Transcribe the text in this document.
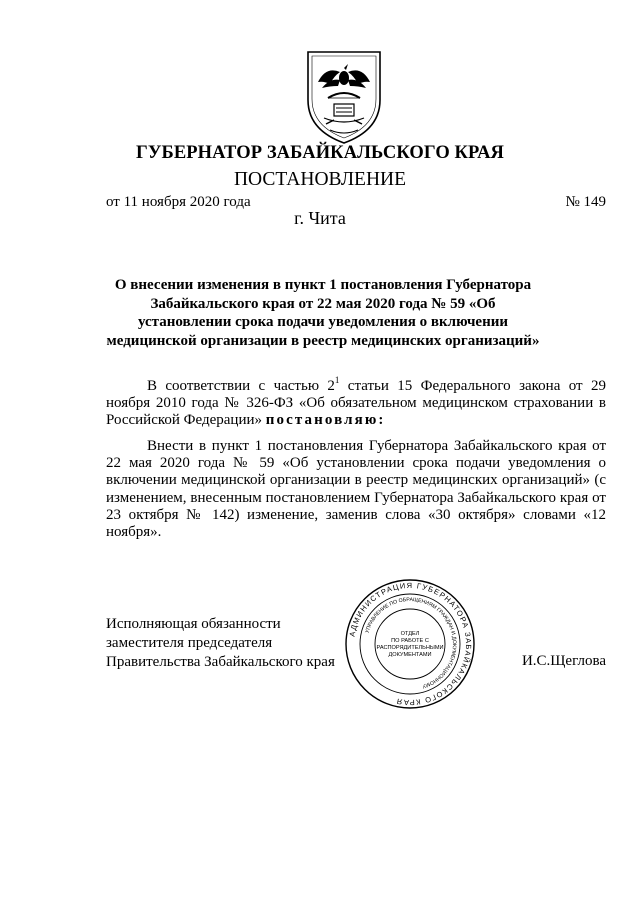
ГУБЕРНАТОР ЗАБАЙКАЛЬСКОГО КРАЯ
ПОСТАНОВЛЕНИЕ
от 11 ноября 2020 года	№ 149
г. Чита
О внесении изменения в пункт 1 постановления Губернатора Забайкальского края от 22 мая 2020 года № 59 «Об установлении срока подачи уведомления о включении медицинской организации в реестр медицинских организаций»

В соответствии с частью $2^1$ статьи 15 Федерального закона от 29 ноября 2010 года № 326-ФЗ «Об обязательном медицинском страховании в Российской Федерации» постановляю:

Внести в пункт 1 постановления Губернатора Забайкальского края от 22 мая 2020 года № 59 «Об установлении срока подачи уведомления о включении медицинской организации в реестр медицинских организаций» (с изменением, внесенным постановлением Губернатора Забайкальского края от 23 октября № 142) изменение, заменив слова «30 октября» словами «12 ноября».

Исполняющая обязанности
заместителя председателя
Правительства Забайкальского края	И.С.Щеглова
АДМИНИСТРАЦИЯ ГУБЕРНАТОРА ЗАБАЙКАЛЬСКОГО КРАЯ
УПРАВЛЕНИЕ ПО ОБРАЩЕНИЯМ ГРАЖДАН И ДОКУМЕНТАЦИОННОМУ
ОТДЕЛ
ПО РАБОТЕ С
РАСПОРЯДИТЕЛЬНЫМИ
ДОКУМЕНТАМИ
